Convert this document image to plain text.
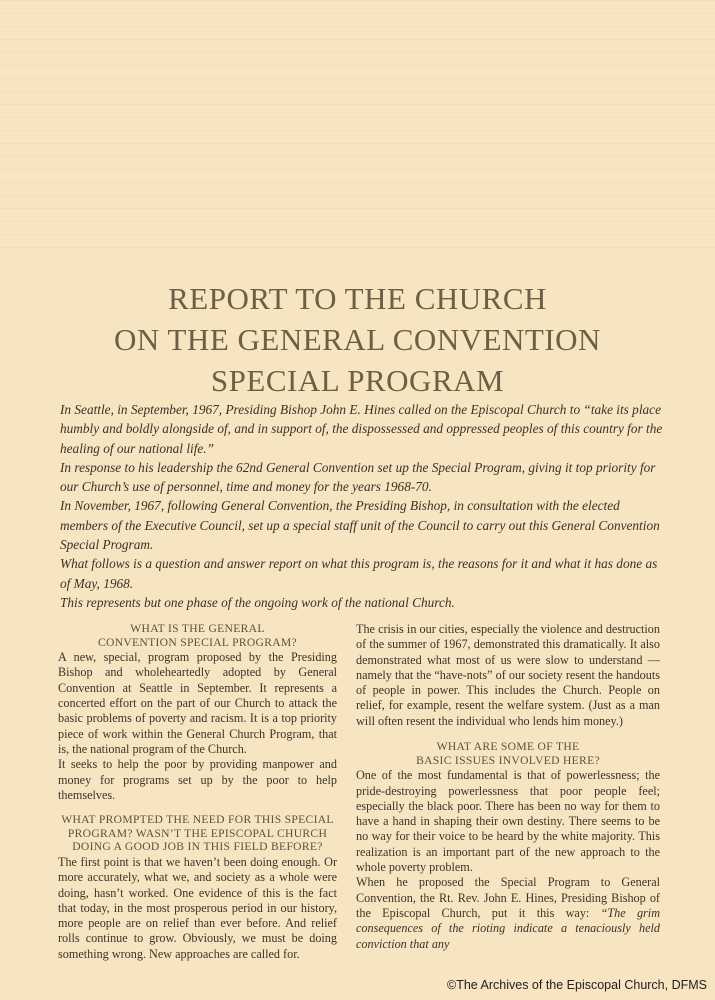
REPORT TO THE CHURCH
ON THE GENERAL CONVENTION
SPECIAL PROGRAM

In Seattle, in September, 1967, Presiding Bishop John E. Hines called on the Episcopal Church to “take its place humbly and boldly alongside of, and in support of, the dispossessed and oppressed peoples of this country for the healing of our national life.”

In response to his leadership the 62nd General Convention set up the Special Program, giving it top priority for our Church’s use of personnel, time and money for the years 1968-70.

In November, 1967, following General Convention, the Presiding Bishop, in consultation with the elected members of the Executive Council, set up a special staff unit of the Council to carry out this General Convention Special Program.

What follows is a question and answer report on what this program is, the reasons for it and what it has done as of May, 1968.

This represents but one phase of the ongoing work of the national Church.

WHAT IS THE GENERAL
CONVENTION SPECIAL PROGRAM?

A new, special, program proposed by the Presiding Bishop and wholeheartedly adopted by General Convention at Seattle in September. It represents a concerted effort on the part of our Church to attack the basic problems of poverty and racism. It is a top priority piece of work within the General Church Program, that is, the national program of the Church.

It seeks to help the poor by providing manpower and money for programs set up by the poor to help themselves.

WHAT PROMPTED THE NEED FOR THIS SPECIAL
PROGRAM? WASN’T THE EPISCOPAL CHURCH
DOING A GOOD JOB IN THIS FIELD BEFORE?

The first point is that we haven’t been doing enough. Or more accurately, what we, and society as a whole were doing, hasn’t worked. One evidence of this is the fact that today, in the most prosperous period in our history, more people are on relief than ever before. And relief rolls continue to grow. Obviously, we must be doing something wrong. New approaches are called for.

The crisis in our cities, especially the violence and destruction of the summer of 1967, demonstrated this dramatically. It also demonstrated what most of us were slow to understand — namely that the “have-nots” of our society resent the handouts of people in power. This includes the Church. People on relief, for example, resent the welfare system. (Just as a man will often resent the individual who lends him money.)

WHAT ARE SOME OF THE
BASIC ISSUES INVOLVED HERE?

One of the most fundamental is that of powerlessness; the pride-destroying powerlessness that poor people feel; especially the black poor. There has been no way for them to have a hand in shaping their own destiny. There seems to be no way for their voice to be heard by the white majority. This realization is an important part of the new approach to the whole poverty problem.

When he proposed the Special Program to General Convention, the Rt. Rev. John E. Hines, Presiding Bishop of the Episcopal Church, put it this way: “The grim consequences of the rioting indicate a tenaciously held conviction that any

©The Archives of the Episcopal Church, DFMS
